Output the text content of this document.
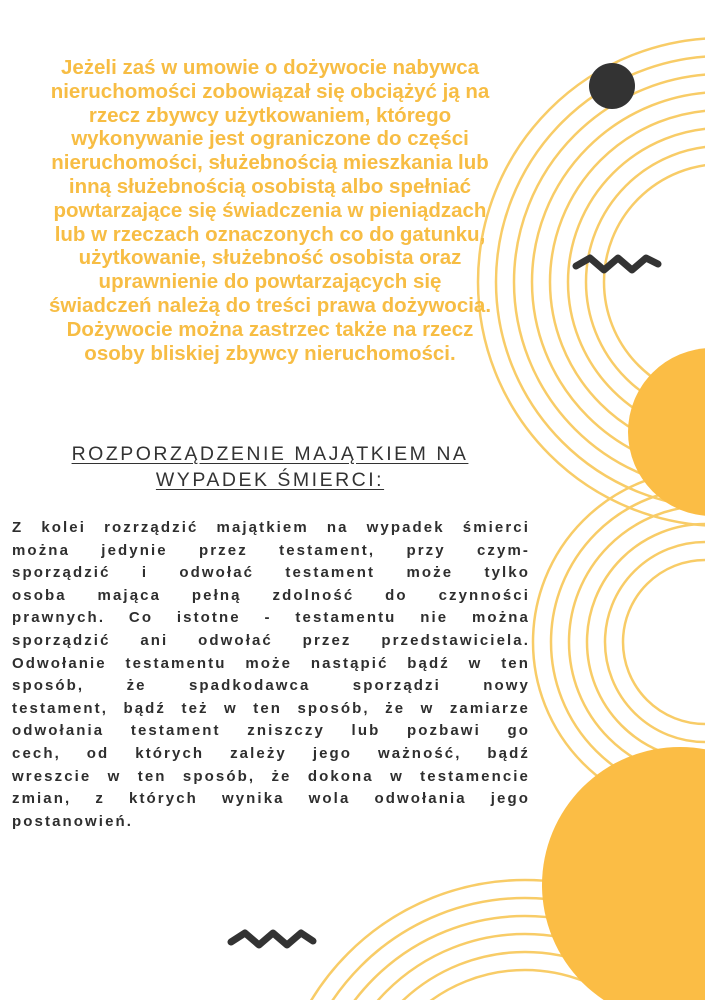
Jeżeli zaś w umowie o dożywocie nabywca
nieruchomości zobowiązał się obciążyć ją na
rzecz zbywcy użytkowaniem, którego
wykonywanie jest ograniczone do części
nieruchomości, służebnością mieszkania lub
inną służebnością osobistą albo spełniać
powtarzające się świadczenia w pieniądzach
lub w rzeczach oznaczonych co do gatunku,
użytkowanie, służebność osobista oraz
uprawnienie do powtarzających się
świadczeń należą do treści prawa dożywocia.
Dożywocie można zastrzec także na rzecz
osoby bliskiej zbywcy nieruchomości.

ROZPORZĄDZENIE MAJĄTKIEM NA
WYPADEK ŚMIERCI:
Z kolei rozrządzić majątkiem na wypadek śmierci
można jedynie przez testament, przy czym-
sporządzić i odwołać testament może tylko
osoba mająca pełną zdolność do czynności
prawnych. Co istotne - testamentu nie można
sporządzić ani odwołać przez przedstawiciela.
Odwołanie testamentu może nastąpić bądź w ten
sposób, że spadkodawca sporządzi nowy
testament, bądź też w ten sposób, że w zamiarze
odwołania testament zniszczy lub pozbawi go
cech, od których zależy jego ważność, bądź
wreszcie w ten sposób, że dokona w testamencie
zmian, z których wynika wola odwołania jego
postanowień.
